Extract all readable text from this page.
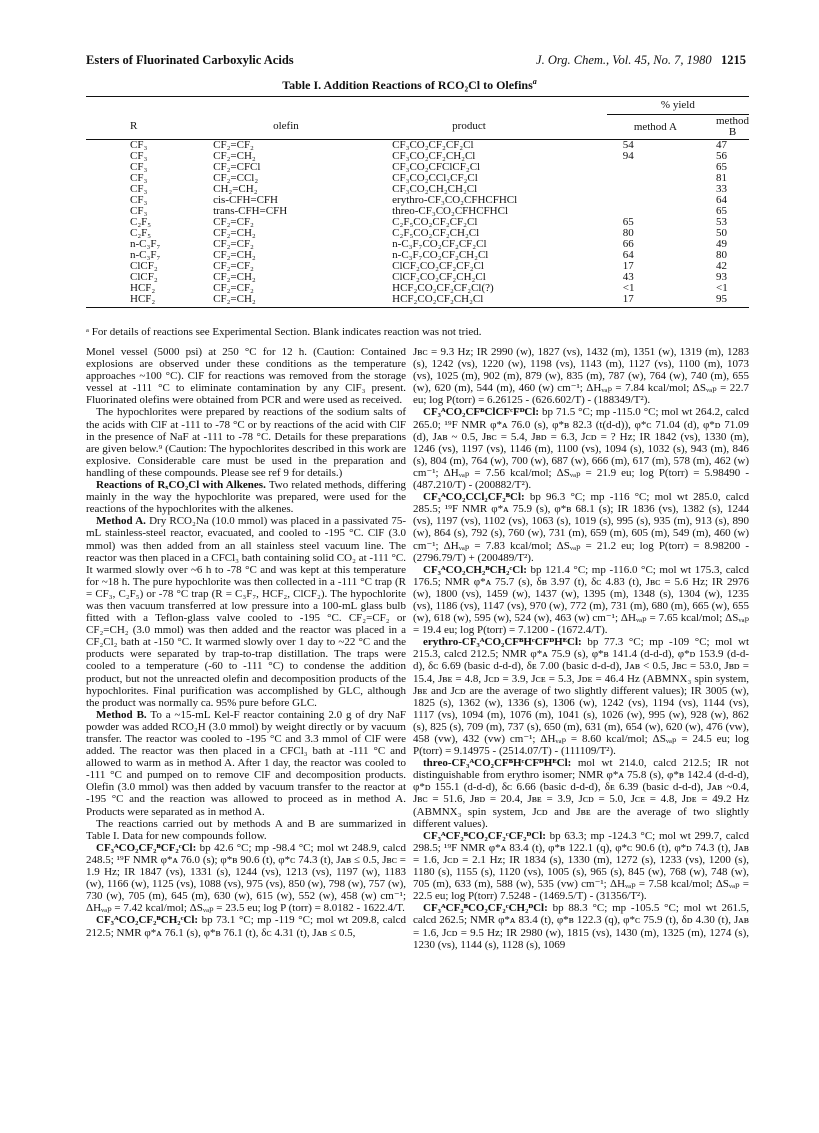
Esters of Fluorinated Carboxylic Acids	J. Org. Chem., Vol. 45, No. 7, 1980 1215
Table I. Addition Reactions of RCO₂Cl to Olefins$^a$
			% yield	
R	olefin	product	method A	method B
CF₃	CF₂=CF₂	CF₃CO₂CF₂CF₂Cl	54	47
CF₃	CF₂=CH₂	CF₃CO₂CF₂CH₂Cl	94	56
CF₃	CF₂=CFCl	CF₃CO₂CFClCF₂Cl		65
CF₃	CF₂=CCl₂	CF₃CO₂CCl₂CF₂Cl		81
CF₃	CH₂=CH₂	CF₃CO₂CH₂CH₂Cl		33
CF₃	cis-CFH=CFH	erythro-CF₃CO₂CFHCFHCl		64
CF₃	trans-CFH=CFH	threo-CF₃CO₂CFHCFHCl		65
C₂F₅	CF₂=CF₂	C₂F₅CO₂CF₂CF₂Cl	65	53
C₂F₅	CF₂=CH₂	C₂F₅CO₂CF₂CH₂Cl	80	50
n-C₃F₇	CF₂=CF₂	n-C₃F₇CO₂CF₂CF₂Cl	66	49
n-C₃F₇	CF₂=CH₂	n-C₃F₇CO₂CF₂CH₂Cl	64	80
ClCF₂	CF₂=CF₂	ClCF₂CO₂CF₂CF₂Cl	17	42
ClCF₂	CF₂=CH₂	ClCF₂CO₂CF₂CH₂Cl	43	93
HCF₂	CF₂=CF₂	HCF₂CO₂CF₂CF₂Cl(?)	<1	<1
HCF₂	CF₂=CH₂	HCF₂CO₂CF₂CH₂Cl	17	95
ᵃ For details of reactions see Experimental Section. Blank indicates reaction was not tried.

Monel vessel (5000 psi) at 250 °C for 12 h. (Caution: Contained explosions are observed under these conditions as the temperature approaches ~100 °C). ClF for reactions was removed from the storage vessel at -111 °C to eliminate contamination by any ClF₃ present. Fluorinated olefins were obtained from PCR and were used as received.

The hypochlorites were prepared by reactions of the sodium salts of the acids with ClF at -111 to -78 °C or by reactions of the acid with ClF in the presence of NaF at -111 to -78 °C. Details for these preparations are given below.⁹ (Caution: The hypochlorites described in this work are explosive. Considerable care must be used in the preparation and handling of these compounds. Please see ref 9 for details.)

Reactions of RₓCO₂Cl with Alkenes. Two related methods, differing mainly in the way the hypochlorite was prepared, were used for the reactions of the hypochlorites with the alkenes.

Method A. Dry RCO₂Na (10.0 mmol) was placed in a passivated 75-mL stainless-steel reactor, evacuated, and cooled to -195 °C. ClF (3.0 mmol) was then added from an all stainless steel vacuum line. The reactor was then placed in a CFCl₃ bath containing solid CO₂ at -111 °C. It warmed slowly over ~6 h to -78 °C and was kept at this temperature for ~18 h. The pure hypochlorite was then collected in a -111 °C trap (R = CF₃, C₂F₅) or -78 °C trap (R = C₃F₇, HCF₂, ClCF₂). The hypochlorite was then vacuum transferred at low pressure into a 100-mL glass bulb fitted with a Teflon-glass valve cooled to -195 °C. CF₂=CF₂ or CF₂=CH₂ (3.0 mmol) was then added and the reactor was placed in a CF₂Cl₂ bath at -150 °C. It warmed slowly over 1 day to ~22 °C and the products were separated by trap-to-trap distillation. The traps were cooled to a temperature (-60 to -111 °C) to condense the addition product, but not the unreacted olefin and decomposition products of the hypochlorites. Final purification was accomplished by GLC, although the product was normally ca. 95% pure before GLC.

Method B. To a ~15-mL Kel-F reactor containing 2.0 g of dry NaF powder was added RCO₂H (3.0 mmol) by weight directly or by vacuum transfer. The reactor was cooled to -195 °C and 3.3 mmol of ClF were added. The reactor was then placed in a CFCl₃ bath at -111 °C and allowed to warm as in method A. After 1 day, the reactor was cooled to -111 °C and pumped on to remove ClF and decomposition products. Olefin (3.0 mmol) was then added by vacuum transfer to the reactor at -195 °C and the reaction was allowed to proceed as in method A. Products were separated as in method A.

The reactions carried out by methods A and B are summarized in Table I. Data for new compounds follow.

CF₃ᴬCO₂CF₂ᴮCF₂ᶜCl: bp 42.6 °C; mp -98.4 °C; mol wt 248.9, calcd 248.5; ¹⁹F NMR φ*ᴀ 76.0 (s); φ*ʙ 90.6 (t), φ*ᴄ 74.3 (t), Jᴀʙ ≤ 0.5, Jʙᴄ = 1.9 Hz; IR 1847 (vs), 1331 (s), 1244 (vs), 1213 (vs), 1197 (w), 1183 (w), 1166 (w), 1125 (vs), 1088 (vs), 975 (vs), 850 (w), 798 (w), 757 (w), 730 (w), 705 (m), 645 (m), 630 (w), 615 (w), 552 (w), 458 (w) cm⁻¹; ΔHᵥₐₚ = 7.42 kcal/mol; ΔSᵥₐₚ = 23.5 eu; log P (torr) = 8.0182 - 1622.4/T.

CF₃ᴬCO₂CF₂ᴮCH₂ᶜCl: bp 73.1 °C; mp -119 °C; mol wt 209.8, calcd 212.5; NMR φ*ᴀ 76.1 (s), φ*ʙ 76.1 (t), δᴄ 4.31 (t), Jᴀʙ ≤ 0.5,

Jʙᴄ = 9.3 Hz; IR 2990 (w), 1827 (vs), 1432 (m), 1351 (w), 1319 (m), 1283 (s), 1242 (vs), 1220 (w), 1198 (vs), 1143 (m), 1127 (vs), 1100 (m), 1073 (vs), 1025 (m), 902 (m), 879 (w), 835 (m), 787 (w), 764 (w), 740 (m), 655 (w), 620 (m), 544 (m), 460 (w) cm⁻¹; ΔHᵥₐₚ = 7.84 kcal/mol; ΔSᵥₐₚ = 22.7 eu; log P(torr) = 6.26125 - (626.602/T) - (188349/T²).

CF₃ᴬCO₂CFᴮClCFᶜFᴰCl: bp 71.5 °C; mp -115.0 °C; mol wt 264.2, calcd 265.0; ¹⁹F NMR φ*ᴀ 76.0 (s), φ*ʙ 82.3 (t(d-d)), φ*ᴄ 71.04 (d), φ*ᴅ 71.09 (d), Jᴀʙ ~ 0.5, Jʙᴄ = 5.4, Jʙᴅ = 6.3, Jᴄᴅ = ? Hz; IR 1842 (vs), 1330 (m), 1246 (vs), 1197 (vs), 1146 (m), 1100 (vs), 1094 (s), 1032 (s), 943 (m), 846 (s), 804 (m), 764 (w), 700 (w), 687 (w), 666 (m), 617 (m), 578 (m), 462 (w) cm⁻¹; ΔHᵥₐₚ = 7.56 kcal/mol; ΔSᵥₐₚ = 21.9 eu; log P(torr) = 5.98490 - (487.210/T) - (200882/T²).

CF₃ᴬCO₂CCl₂CF₂ᴮCl: bp 96.3 °C; mp -116 °C; mol wt 285.0, calcd 285.5; ¹⁹F NMR φ*ᴀ 75.9 (s), φ*ʙ 68.1 (s); IR 1836 (vs), 1382 (s), 1244 (vs), 1197 (vs), 1102 (vs), 1063 (s), 1019 (s), 995 (s), 935 (m), 913 (s), 890 (w), 864 (s), 792 (s), 760 (w), 731 (m), 659 (m), 605 (m), 549 (m), 460 (w) cm⁻¹; ΔHᵥₐₚ = 7.83 kcal/mol; ΔSᵥₐₚ = 21.2 eu; log P(torr) = 8.98200 - (2796.79/T) + (200489/T²).

CF₃ᴬCO₂CH₂ᴮCH₂ᶜCl: bp 121.4 °C; mp -116.0 °C; mol wt 175.3, calcd 176.5; NMR φ*ᴀ 75.7 (s), δʙ 3.97 (t), δᴄ 4.83 (t), Jʙᴄ = 5.6 Hz; IR 2976 (w), 1800 (vs), 1459 (w), 1437 (w), 1395 (m), 1348 (s), 1304 (w), 1235 (vs), 1186 (vs), 1147 (vs), 970 (w), 772 (m), 731 (m), 680 (m), 665 (w), 655 (w), 618 (w), 595 (w), 524 (w), 463 (w) cm⁻¹; ΔHᵥₐₚ = 7.65 kcal/mol; ΔSᵥₐₚ = 19.4 eu; log P(torr) = 7.1200 - (1672.4/T).

erythro-CF₃ᴬCO₂CFᴮHᶜCFᴰHᴱCl: bp 77.3 °C; mp -109 °C; mol wt 215.3, calcd 212.5; NMR φ*ᴀ 75.9 (s), φ*ʙ 141.4 (d-d-d), φ*ᴅ 153.9 (d-d-d), δᴄ 6.69 (basic d-d-d), δᴇ 7.00 (basic d-d-d), Jᴀʙ < 0.5, Jʙᴄ = 53.0, Jʙᴅ = 15.4, Jʙᴇ = 4.8, Jᴄᴅ = 3.9, Jᴄᴇ = 5.3, Jᴅᴇ = 46.4 Hz (ABMNX₃ spin system, Jʙᴇ and Jᴄᴅ are the average of two slightly different values); IR 3005 (w), 1825 (s), 1362 (w), 1336 (s), 1306 (w), 1242 (vs), 1194 (vs), 1144 (vs), 1117 (vs), 1094 (m), 1076 (m), 1041 (s), 1026 (w), 995 (w), 928 (w), 862 (s), 825 (s), 709 (m), 737 (s), 650 (m), 631 (m), 654 (w), 620 (w), 476 (vw), 458 (vw), 432 (vw) cm⁻¹; ΔHᵥₐₚ = 8.60 kcal/mol; ΔSᵥₐₚ = 24.5 eu; log P(torr) = 9.14975 - (2514.07/T) - (111109/T²).

threo-CF₃ᴬCO₂CFᴮHᶜCFᴰHᴱCl: mol wt 214.0, calcd 212.5; IR not distinguishable from erythro isomer; NMR φ*ᴀ 75.8 (s), φ*ʙ 142.4 (d-d-d), φ*ᴅ 155.1 (d-d-d), δᴄ 6.66 (basic d-d-d), δᴇ 6.39 (basic d-d-d), Jᴀʙ ~0.4, Jʙᴄ = 51.6, Jʙᴅ = 20.4, Jʙᴇ = 3.9, Jᴄᴅ = 5.0, Jᴄᴇ = 4.8, Jᴅᴇ = 49.2 Hz (ABMNX₃ spin system, Jᴄᴅ and Jʙᴇ are the average of two slightly different values).

CF₃ᴬCF₂ᴮCO₂CF₂ᶜCF₂ᴰCl: bp 63.3; mp -124.3 °C; mol wt 299.7, calcd 298.5; ¹⁹F NMR φ*ᴀ 83.4 (t), φ*ʙ 122.1 (q), φ*ᴄ 90.6 (t), φ*ᴅ 74.3 (t), Jᴀʙ = 1.6, Jᴄᴅ = 2.1 Hz; IR 1834 (s), 1330 (m), 1272 (s), 1233 (vs), 1200 (s), 1180 (s), 1155 (s), 1120 (vs), 1005 (s), 965 (s), 845 (w), 768 (w), 748 (w), 705 (m), 633 (m), 588 (w), 535 (vw) cm⁻¹; ΔHᵥₐₚ = 7.58 kcal/mol; ΔSᵥₐₚ = 22.5 eu; log P(torr) 7.5248 - (1469.5/T) - (31356/T²).

CF₃ᴬCF₂ᴮCO₂CF₂ᶜCH₂ᴰCl: bp 88.3 °C; mp -105.5 °C; mol wt 261.5, calcd 262.5; NMR φ*ᴀ 83.4 (t), φ*ʙ 122.3 (q), φ*ᴄ 75.9 (t), δᴅ 4.30 (t), Jᴀʙ = 1.6, Jᴄᴅ = 9.5 Hz; IR 2980 (w), 1815 (vs), 1430 (m), 1325 (m), 1274 (s), 1230 (vs), 1144 (s), 1128 (s), 1069
